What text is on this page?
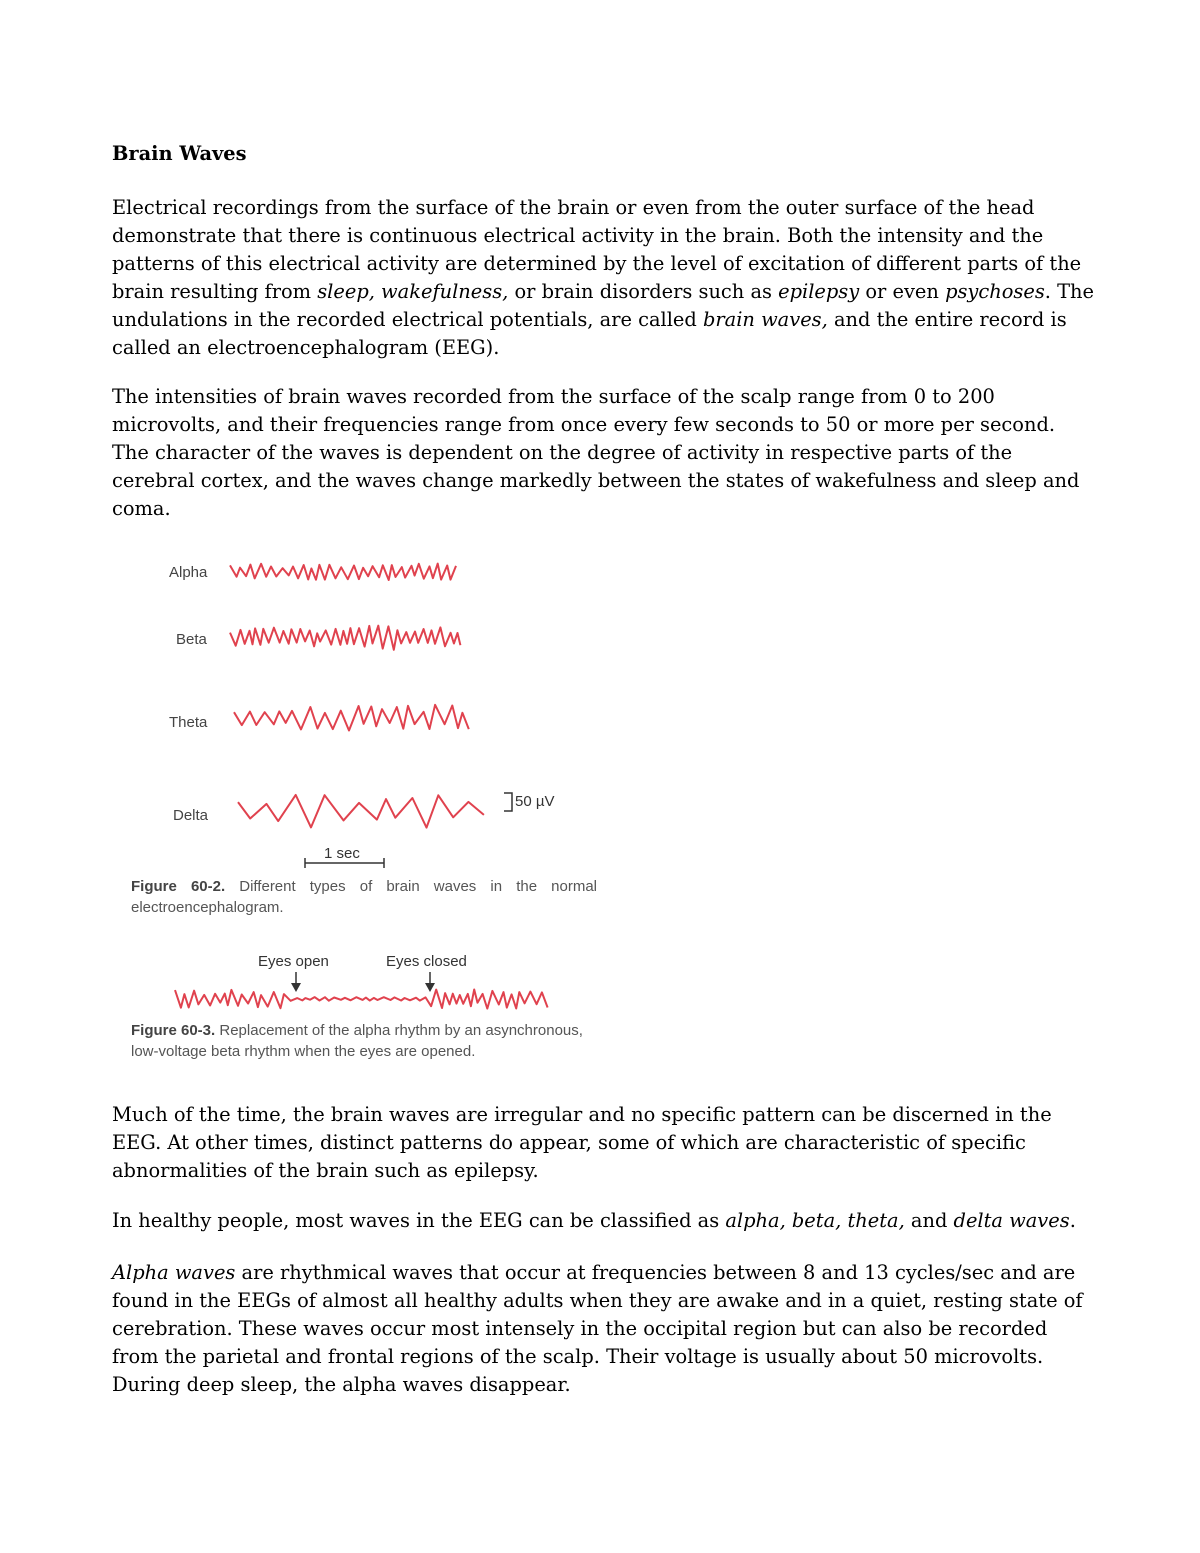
Brain Waves

Electrical recordings from the surface of the brain or even from the outer surface of the head demonstrate that there is continuous electrical activity in the brain. Both the intensity and the patterns of this electrical activity are determined by the level of excitation of different parts of the brain resulting from sleep, wakefulness, or brain disorders such as epilepsy or even psychoses. The undulations in the recorded electrical potentials, are called brain waves, and the entire record is called an electroencephalogram (EEG).

The intensities of brain waves recorded from the surface of the scalp range from 0 to 200 microvolts, and their frequencies range from once every few seconds to 50 or more per second. The character of the waves is dependent on the degree of activity in respective parts of the cerebral cortex, and the waves change markedly between the states of wakefulness and sleep and coma.

Alpha
Beta
Theta
Delta
50 µV
1 sec
Eyes open	Eyes closed

Figure 60-2. Different types of brain waves in the normal electroencephalogram.

Figure 60-3. Replacement of the alpha rhythm by an asynchronous, low-voltage beta rhythm when the eyes are opened.

Much of the time, the brain waves are irregular and no specific pattern can be discerned in the EEG. At other times, distinct patterns do appear, some of which are characteristic of specific abnormalities of the brain such as epilepsy.

In healthy people, most waves in the EEG can be classified as alpha, beta, theta, and delta waves.

Alpha waves are rhythmical waves that occur at frequencies between 8 and 13 cycles/sec and are found in the EEGs of almost all healthy adults when they are awake and in a quiet, resting state of cerebration. These waves occur most intensely in the occipital region but can also be recorded from the parietal and frontal regions of the scalp. Their voltage is usually about 50 microvolts. During deep sleep, the alpha waves disappear.
